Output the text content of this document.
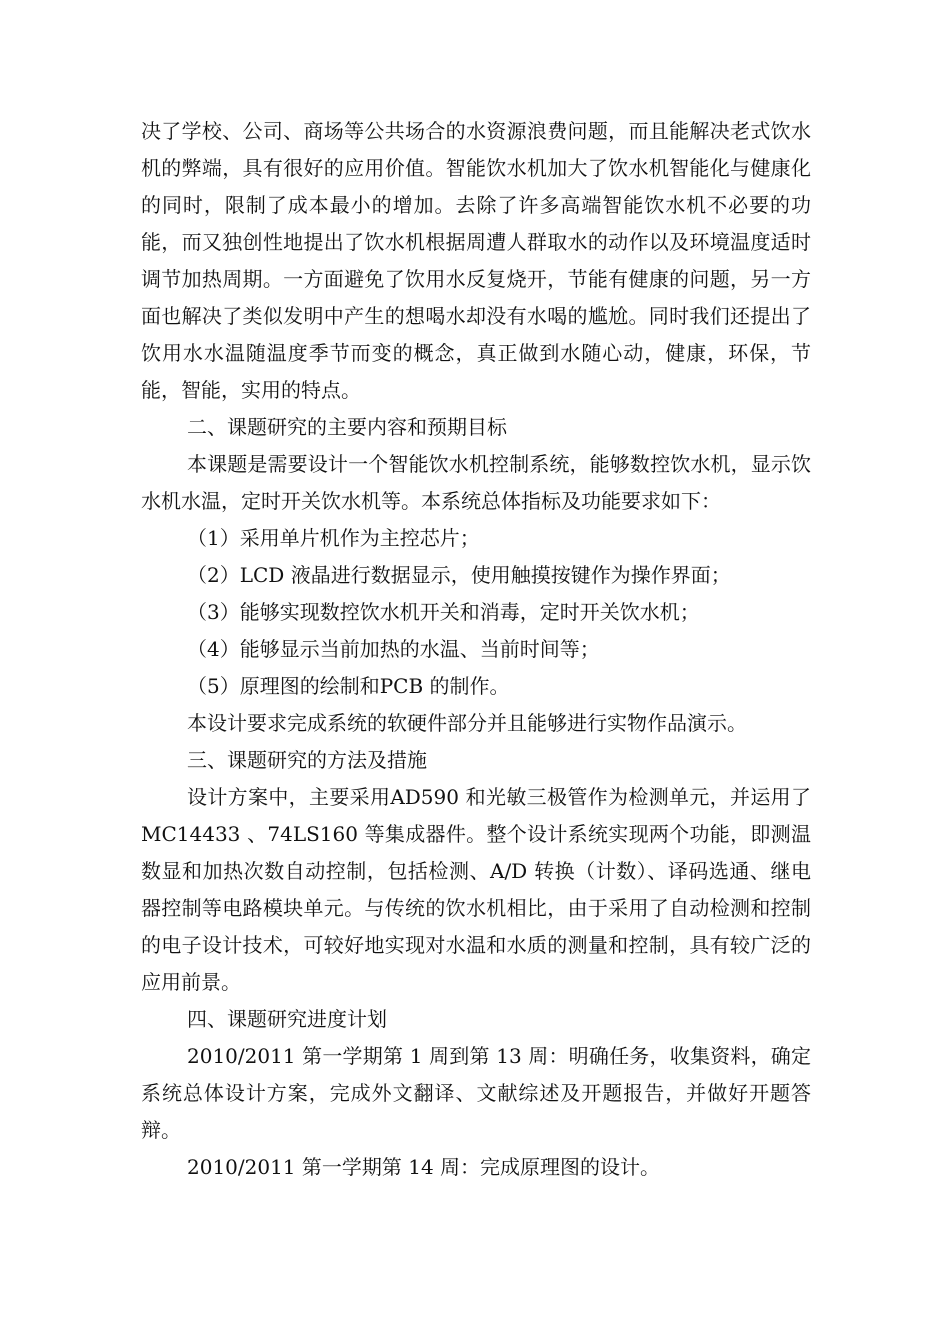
决了学校、公司、商场等公共场合的水资源浪费问题，而且能解决老式饮水机的弊端，具有很好的应用价值。智能饮水机加大了饮水机智能化与健康化的同时，限制了成本最小的增加。去除了许多高端智能饮水机不必要的功能，而又独创性地提出了饮水机根据周遭人群取水的动作以及环境温度适时调节加热周期。一方面避免了饮用水反复烧开，节能有健康的问题，另一方面也解决了类似发明中产生的想喝水却没有水喝的尴尬。同时我们还提出了饮用水水温随温度季节而变的概念，真正做到水随心动，健康，环保，节能，智能，实用的特点。

二、课题研究的主要内容和预期目标

本课题是需要设计一个智能饮水机控制系统，能够数控饮水机，显示饮水机水温，定时开关饮水机等。本系统总体指标及功能要求如下：

（1）采用单片机作为主控芯片；

（2）LCD 液晶进行数据显示，使用触摸按键作为操作界面；

（3）能够实现数控饮水机开关和消毒，定时开关饮水机；

（4）能够显示当前加热的水温、当前时间等；

（5）原理图的绘制和PCB 的制作。

本设计要求完成系统的软硬件部分并且能够进行实物作品演示。

三、课题研究的方法及措施

设计方案中，主要采用AD590 和光敏三极管作为检测单元，并运用了 MC14433 、74LS160 等集成器件。整个设计系统实现两个功能，即测温数显和加热次数自动控制，包括检测、A/D 转换（计数）、译码选通、继电器控制等电路模块单元。与传统的饮水机相比，由于采用了自动检测和控制的电子设计技术，可较好地实现对水温和水质的测量和控制，具有较广泛的应用前景。

四、课题研究进度计划

2010/2011 第一学期第 1 周到第 13 周：明确任务，收集资料，确定系统总体设计方案，完成外文翻译、文献综述及开题报告，并做好开题答辩。

2010/2011 第一学期第 14 周：完成原理图的设计。
